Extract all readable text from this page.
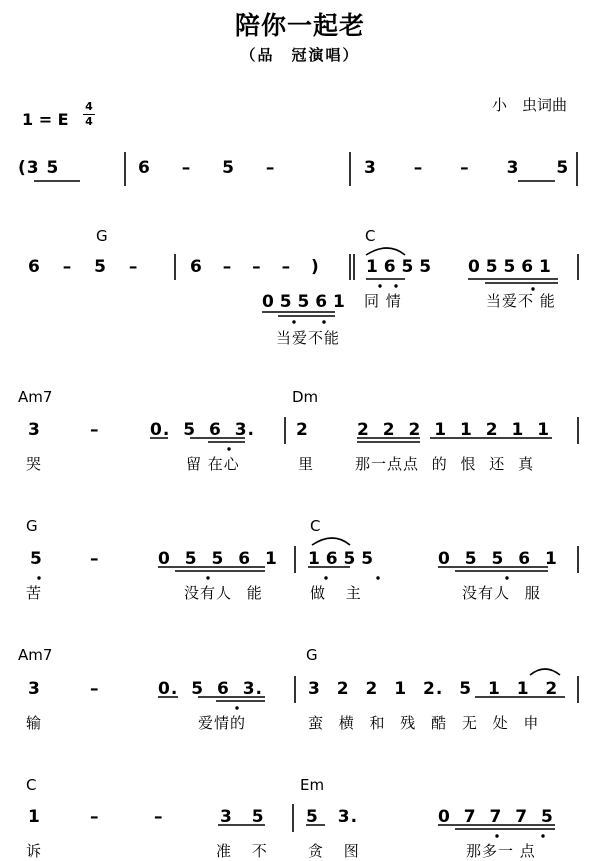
陪你一起老
（品　冠演唱）
小　虫词曲
1 = E
4
4
(3 5	6 – 5 –	3 – – 3 5
G	C
6 – 5 –	6 – – – )	1 6 5 5 0 5 5 6 1
0 5 5 6 1 同 情	当爱不 能
当爱不能
Am7	Dm
3	–	0. 5 6 3. 2	2 2 2 1 1 2 1 1
哭	留 在心	里	那一点点 的 恨 还 真
G	C
5	–	0 5 5 6 1 1 6 5 5	0 5 5 6 1
苦	没有人 能	做 主	没有人 服
Am7	G
3	–	0. 5 6 3.	3 2 2 1 2. 5 1 1 2
输	爱情的	蛮 横 和 残 酷 无 处 申
C	Em
1	–	–	3 5 5 3.	0 7 7 7 5
诉	准 不	贪 图	那多一 点
